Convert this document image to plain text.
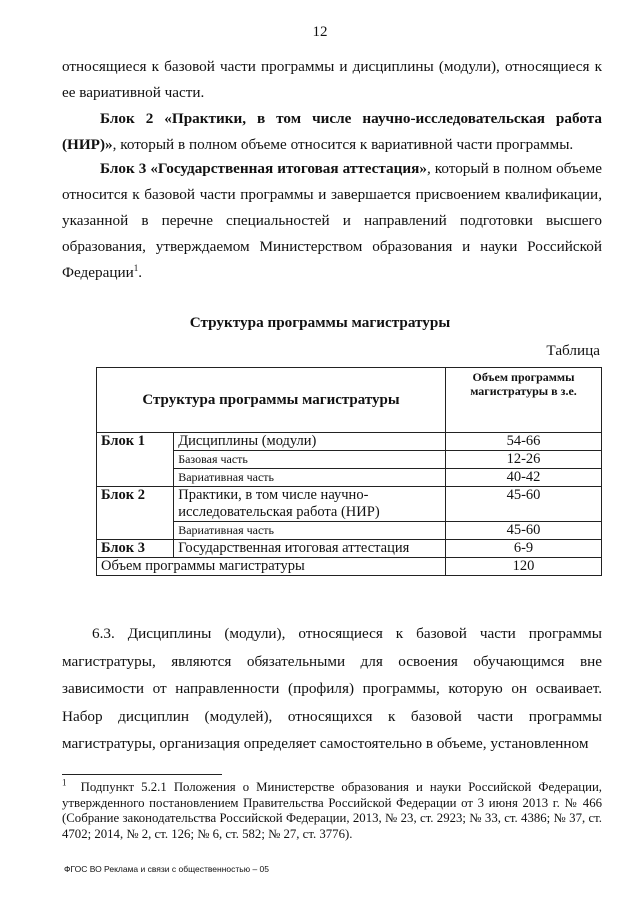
12
относящиеся к базовой части программы и дисциплины (модули), относящиеся к ее вариативной части.
Блок 2 «Практики, в том числе научно-исследовательская работа (НИР)», который в полном объеме относится к вариативной части программы.
Блок 3 «Государственная итоговая аттестация», который в полном объеме относится к базовой части программы и завершается присвоением квалификации, указанной в перечне специальностей и направлений подготовки высшего образования, утверждаемом Министерством образования и науки Российской Федерации$^1$.
Структура программы магистратуры
Таблица
Структура программы магистратуры		Объем программы магистратуры в з.е.
Блок 1	Дисциплины (модули)	54-66
	Базовая часть	12-26
	Вариативная часть	40-42
Блок 2	Практики, в том числе научно-исследовательская работа (НИР)	45-60
	Вариативная часть	45-60
Блок 3	Государственная итоговая аттестация	6-9
Объем программы магистратуры		120
6.3. Дисциплины (модули), относящиеся к базовой части программы магистратуры, являются обязательными для освоения обучающимся вне зависимости от направленности (профиля) программы, которую он осваивает. Набор дисциплин (модулей), относящихся к базовой части программы магистратуры, организация определяет самостоятельно в объеме, установленном
$^1$ Подпункт 5.2.1 Положения о Министерстве образования и науки Российской Федерации, утвержденного постановлением Правительства Российской Федерации от 3 июня 2013 г. № 466 (Собрание законодательства Российской Федерации, 2013, № 23, ст. 2923; № 33, ст. 4386; № 37, ст. 4702; 2014, № 2, ст. 126; № 6, ст. 582; № 27, ст. 3776).
ФГОС ВО Реклама и связи с общественностью – 05
